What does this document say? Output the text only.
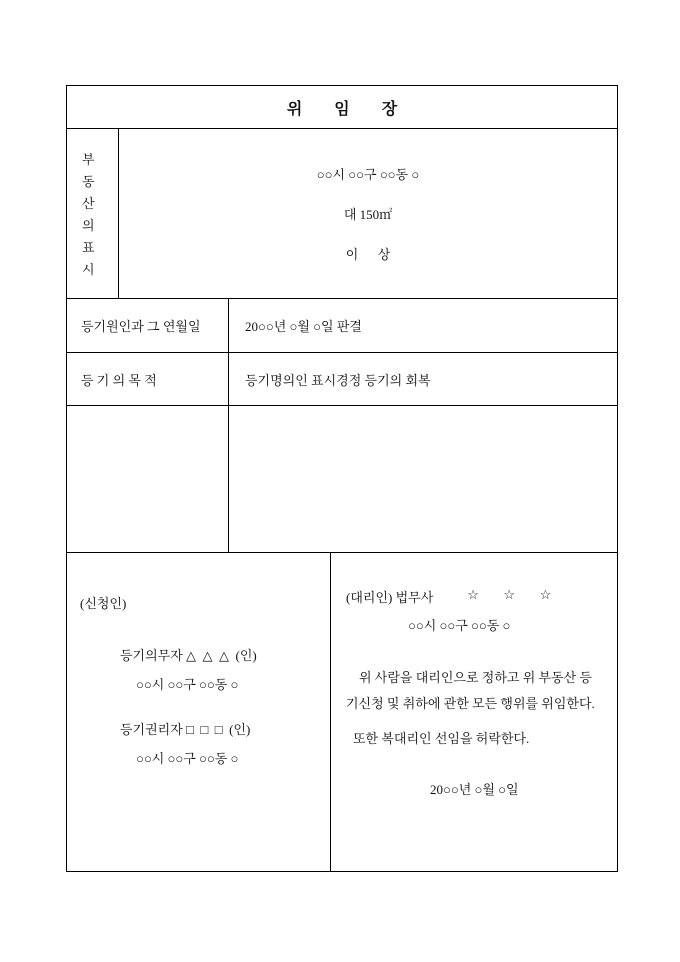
위 임 장
부동산의표시
○○시 ○○구 ○○동 ○
대 150㎡
이      상
등기원인과 그 연월일	20○○년 ○월 ○일 판결
등 기 의 목 적	등기명의인 표시경정 등기의 회복
(신청인)
등기의무자 △  △  △  (인)
○○시 ○○구 ○○동 ○
등기권리자 □  □  □  (인)
○○시 ○○구 ○○동 ○
(대리인) 법무사	☆  ☆  ☆
○○시 ○○구 ○○동 ○
위 사람을 대리인으로 정하고 위 부동산 등기신청 및 취하에 관한 모든 행위를 위임한다.
또한 복대리인 선임을 허락한다.
20○○년 ○월 ○일
